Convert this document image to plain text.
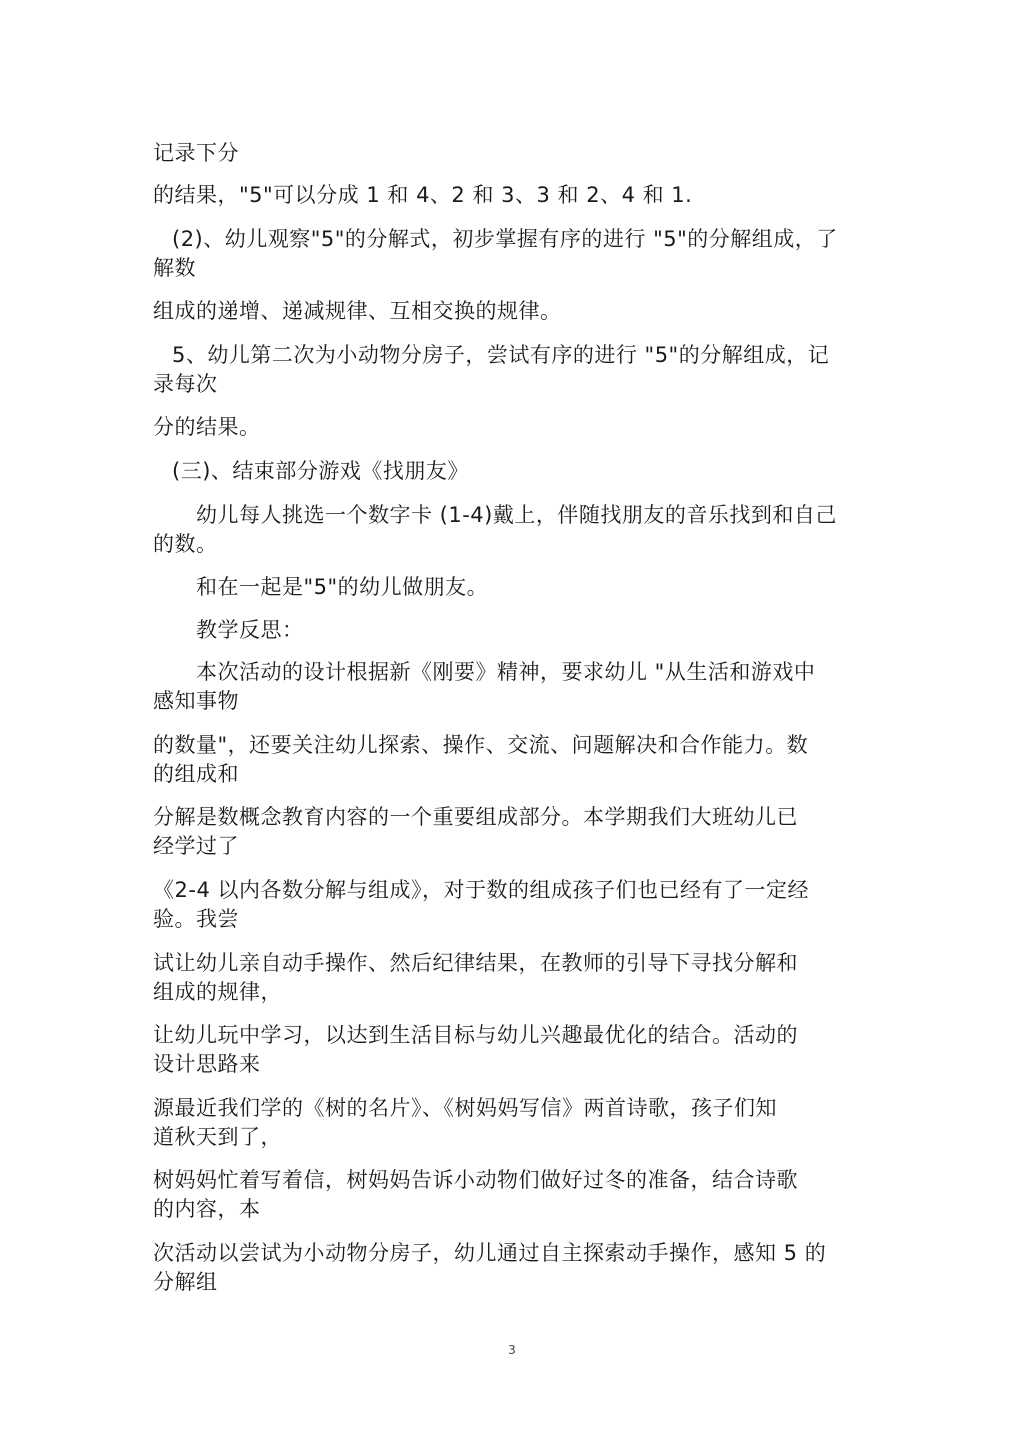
记录下分
的结果，"5"可以分成 1 和 4、2 和 3、3 和 2、4 和 1.
(2)、幼儿观察"5"的分解式，初步掌握有序的进行 "5"的分解组成，了
解数
组成的递增、递减规律、互相交换的规律。
5、幼儿第二次为小动物分房子，尝试有序的进行 "5"的分解组成，记
录每次
分的结果。
(三)、结束部分游戏《找朋友》
幼儿每人挑选一个数字卡 (1-4)戴上，伴随找朋友的音乐找到和自己
的数。
和在一起是"5"的幼儿做朋友。
教学反思：
本次活动的设计根据新《刚要》精神，要求幼儿 "从生活和游戏中
感知事物
的数量"，还要关注幼儿探索、操作、交流、问题解决和合作能力。数
的组成和
分解是数概念教育内容的一个重要组成部分。本学期我们大班幼儿已
经学过了
《2-4 以内各数分解与组成》，对于数的组成孩子们也已经有了一定经
验。我尝
试让幼儿亲自动手操作、然后纪律结果，在教师的引导下寻找分解和
组成的规律，
让幼儿玩中学习，以达到生活目标与幼儿兴趣最优化的结合。活动的
设计思路来
源最近我们学的《树的名片》、《树妈妈写信》两首诗歌，孩子们知
道秋天到了，
树妈妈忙着写着信，树妈妈告诉小动物们做好过冬的准备，结合诗歌
的内容，本
次活动以尝试为小动物分房子，幼儿通过自主探索动手操作，感知 5 的
分解组
3
